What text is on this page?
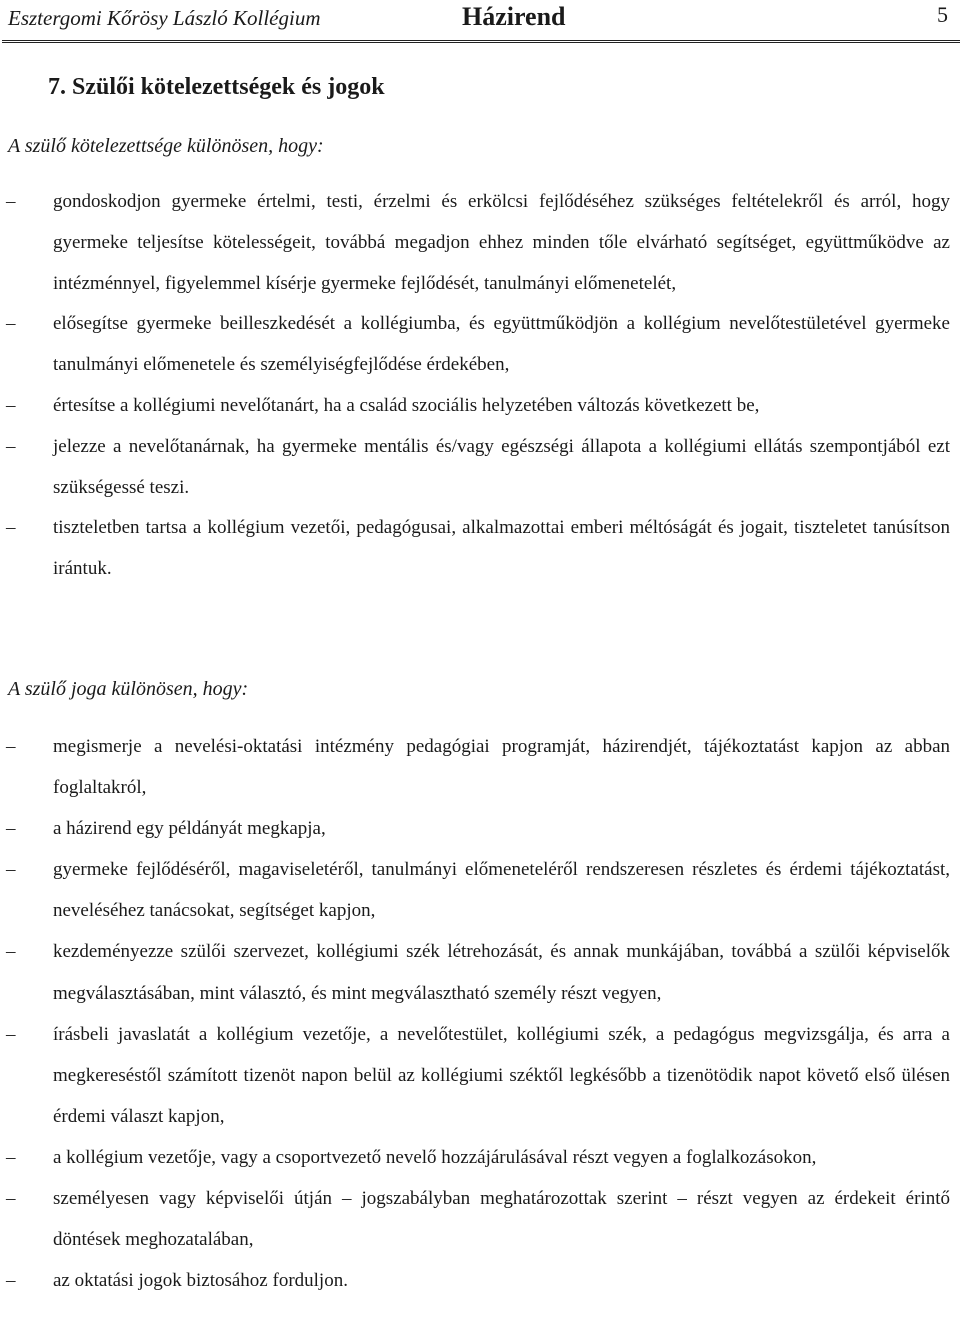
Esztergomi Kőrösy László Kollégium	Házirend	5
7. Szülői kötelezettségek és jogok
A szülő kötelezettsége különösen, hogy:
–	gondoskodjon gyermeke értelmi, testi, érzelmi és erkölcsi fejlődéséhez szükséges feltételekről és arról, hogy gyermeke teljesítse kötelességeit, továbbá megadjon ehhez minden tőle elvárható segítséget, együttműködve az intézménnyel, figyelemmel kísérje gyermeke fejlődését, tanulmányi előmenetelét,
–	elősegítse gyermeke beilleszkedését a kollégiumba, és együttműködjön a kollégium nevelőtestületével gyermeke tanulmányi előmenetele és személyiségfejlődése érdekében,
–	értesítse a kollégiumi nevelőtanárt, ha a család szociális helyzetében változás következett be,
–	jelezze a nevelőtanárnak, ha gyermeke mentális és/vagy egészségi állapota a kollégiumi ellátás szempontjából ezt szükségessé teszi.
–	tiszteletben tartsa a kollégium vezetői, pedagógusai, alkalmazottai emberi méltóságát és jogait, tiszteletet tanúsítson irántuk.
A szülő joga különösen, hogy:
–	megismerje a nevelési-oktatási intézmény pedagógiai programját, házirendjét, tájékoztatást kapjon az abban foglaltakról,
–	a házirend egy példányát megkapja,
–	gyermeke fejlődéséről, magaviseletéről, tanulmányi előmeneteléről rendszeresen részletes és érdemi tájékoztatást, neveléséhez tanácsokat, segítséget kapjon,
–	kezdeményezze szülői szervezet, kollégiumi szék létrehozását, és annak munkájában, továbbá a szülői képviselők megválasztásában, mint választó, és mint megválasztható személy részt vegyen,
–	írásbeli javaslatát a kollégium vezetője, a nevelőtestület, kollégiumi szék, a pedagógus megvizsgálja, és arra a megkereséstől számított tizenöt napon belül az kollégiumi széktől legkésőbb a tizenötödik napot követő első ülésen érdemi választ kapjon,
–	a kollégium vezetője, vagy a csoportvezető nevelő hozzájárulásával részt vegyen a foglalkozásokon,
–	személyesen vagy képviselői útján – jogszabályban meghatározottak szerint – részt vegyen az érdekeit érintő döntések meghozatalában,
–	az oktatási jogok biztosához forduljon.
